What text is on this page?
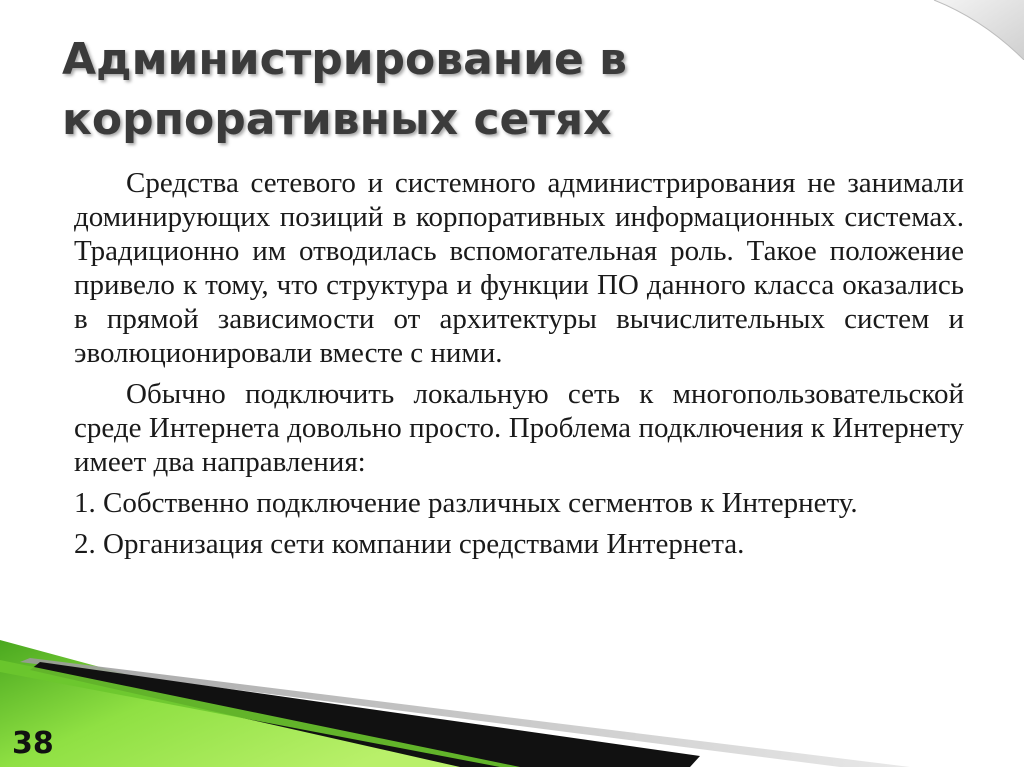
Администрирование в
корпоративных сетях

Средства сетевого и системного администрирования не занимали доминирующих позиций в корпоративных информационных системах. Традиционно им отводилась вспомогательная роль. Такое положение привело к тому, что структура и функции ПО данного класса оказались в прямой зависимости от архитектуры вычислительных систем и эволюционировали вместе с ними.

Обычно подключить локальную сеть к многопользовательской среде Интернета довольно просто. Проблема подключения к Интернету имеет два направления:

1. Собственно подключение различных сегментов к Интернету.

2. Организация сети компании средствами Интернета.

38
